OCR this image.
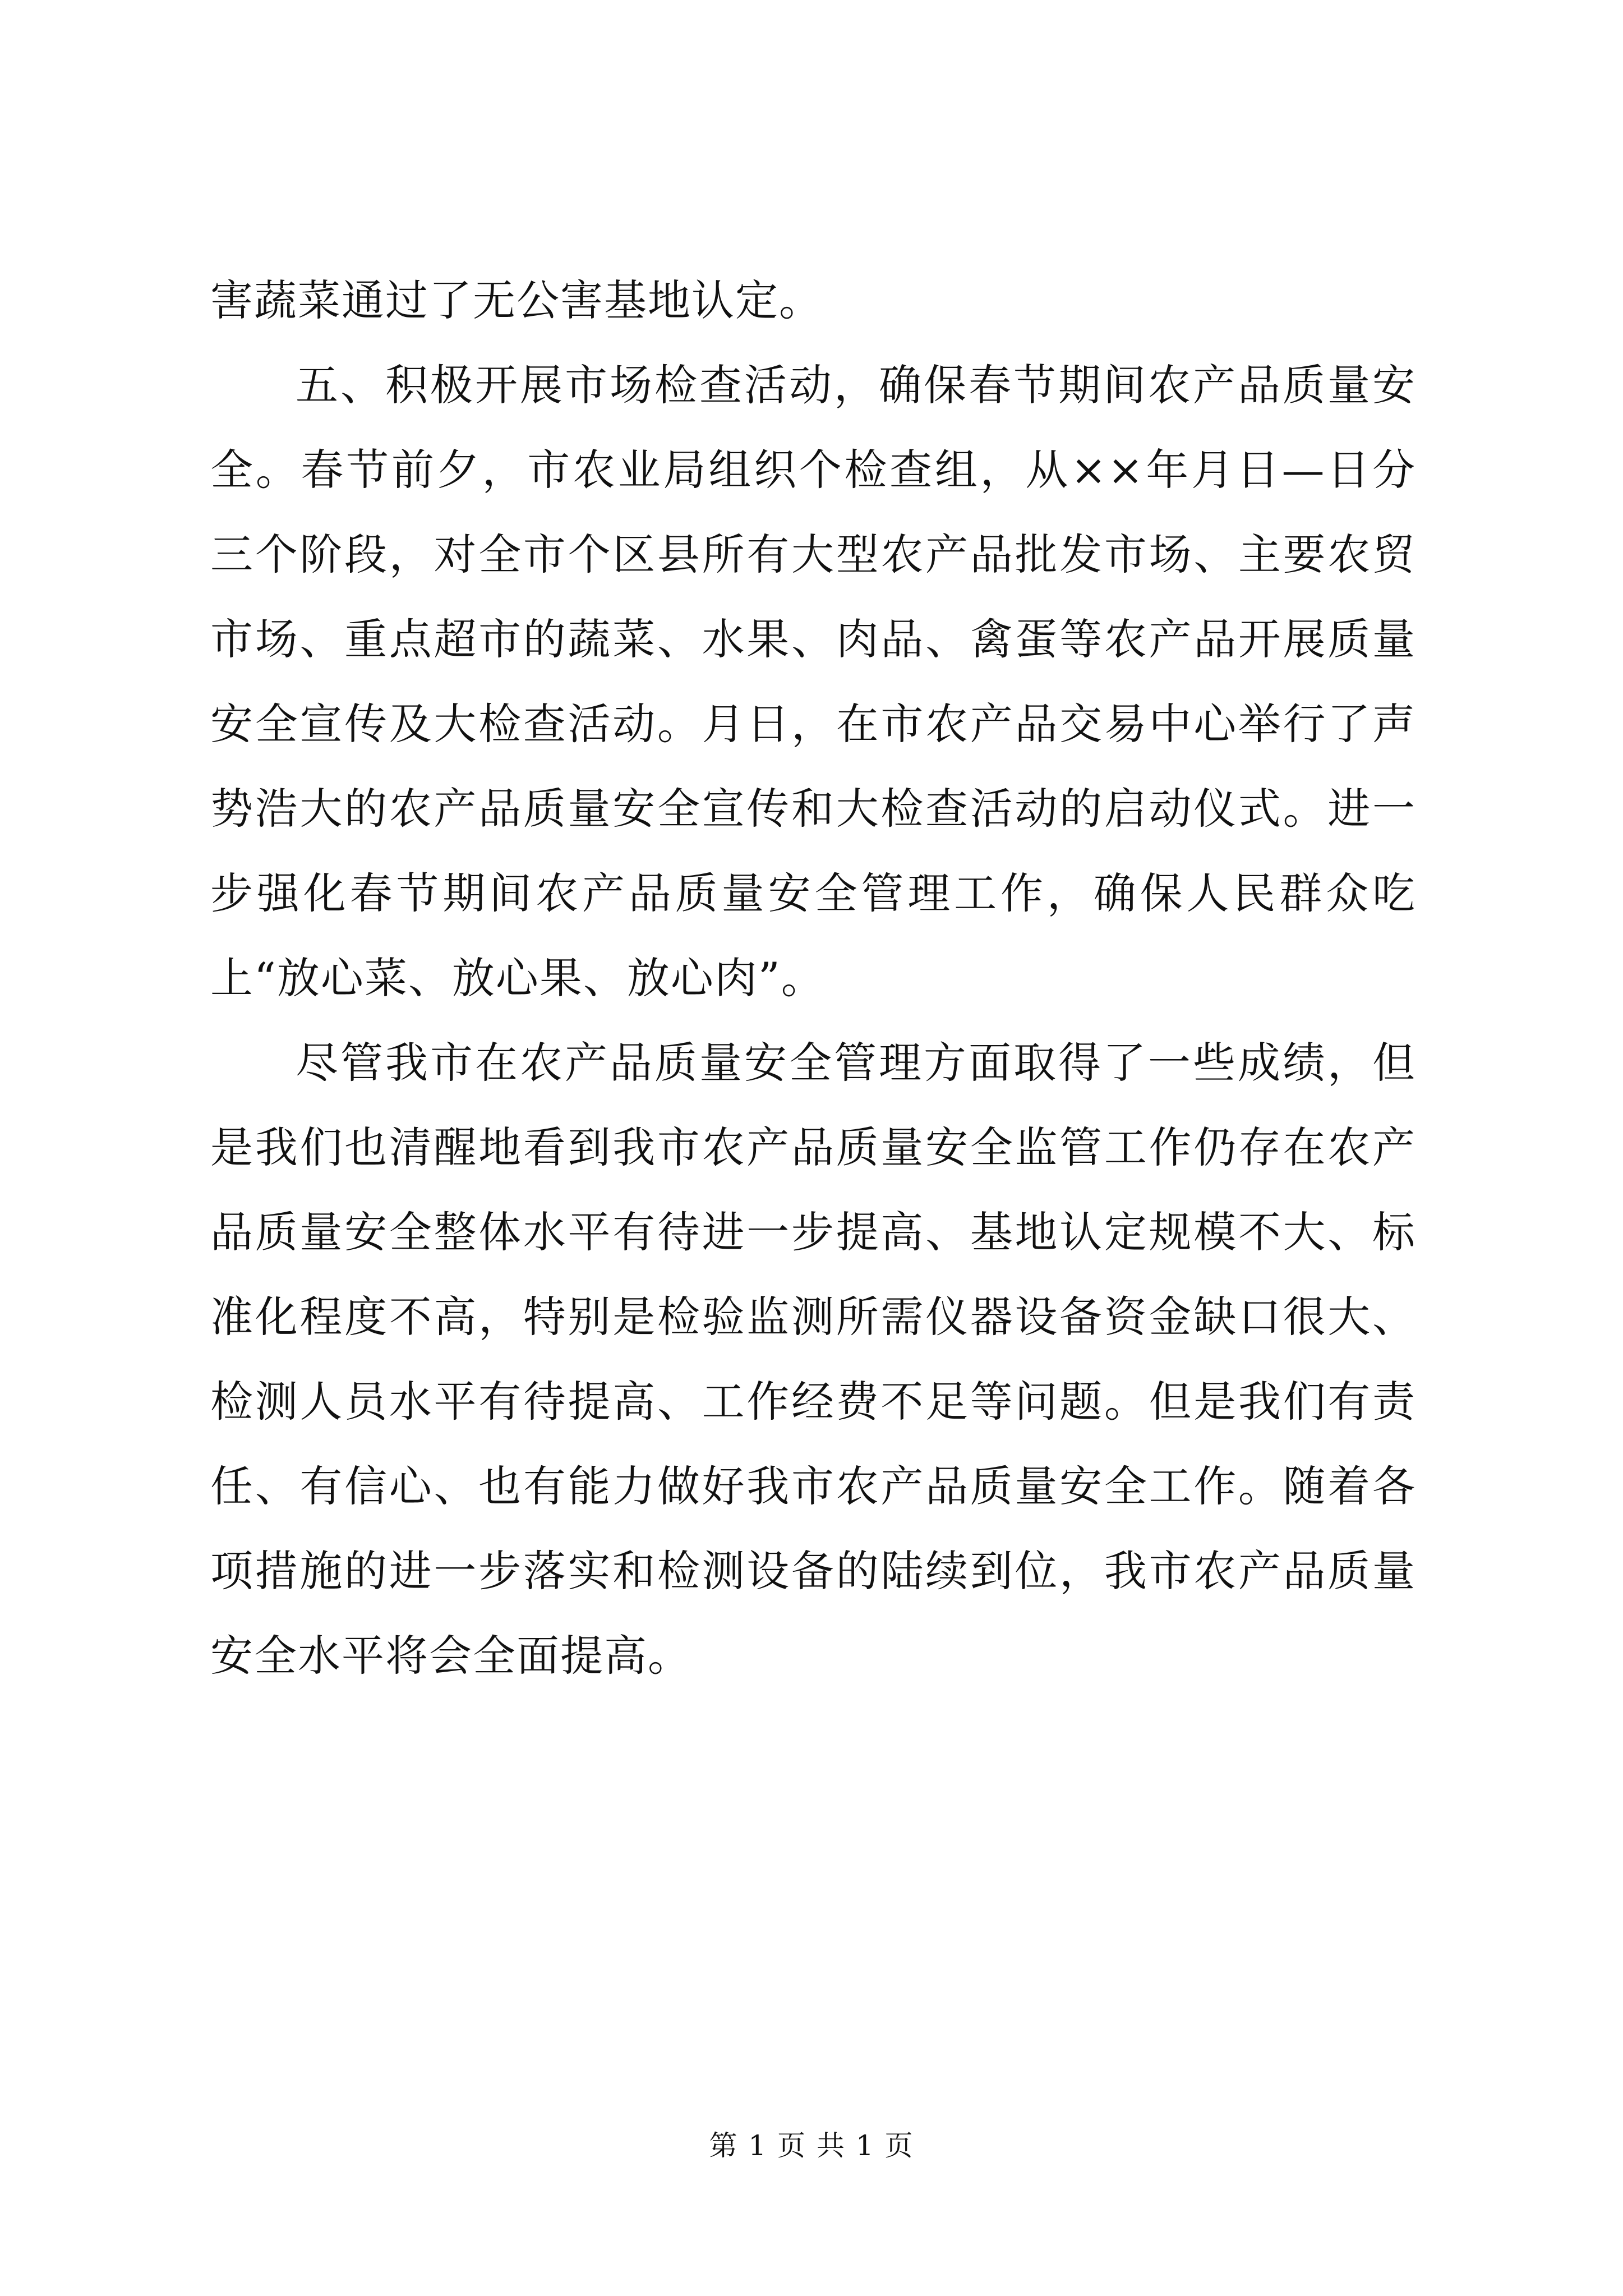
害蔬菜通过了无公害基地认定。

五、积极开展市场检查活动，确保春节期间农产品质量安全。春节前夕，市农业局组织个检查组，从××年月日—日分三个阶段，对全市个区县所有大型农产品批发市场、主要农贸市场、重点超市的蔬菜、水果、肉品、禽蛋等农产品开展质量安全宣传及大检查活动。月日，在市农产品交易中心举行了声势浩大的农产品质量安全宣传和大检查活动的启动仪式。进一步强化春节期间农产品质量安全管理工作，确保人民群众吃上“放心菜、放心果、放心肉”。

尽管我市在农产品质量安全管理方面取得了一些成绩，但是我们也清醒地看到我市农产品质量安全监管工作仍存在农产品质量安全整体水平有待进一步提高、基地认定规模不大、标准化程度不高，特别是检验监测所需仪器设备资金缺口很大、检测人员水平有待提高、工作经费不足等问题。但是我们有责任、有信心、也有能力做好我市农产品质量安全工作。随着各项措施的进一步落实和检测设备的陆续到位，我市农产品质量安全水平将会全面提高。

第 1 页 共 1 页
